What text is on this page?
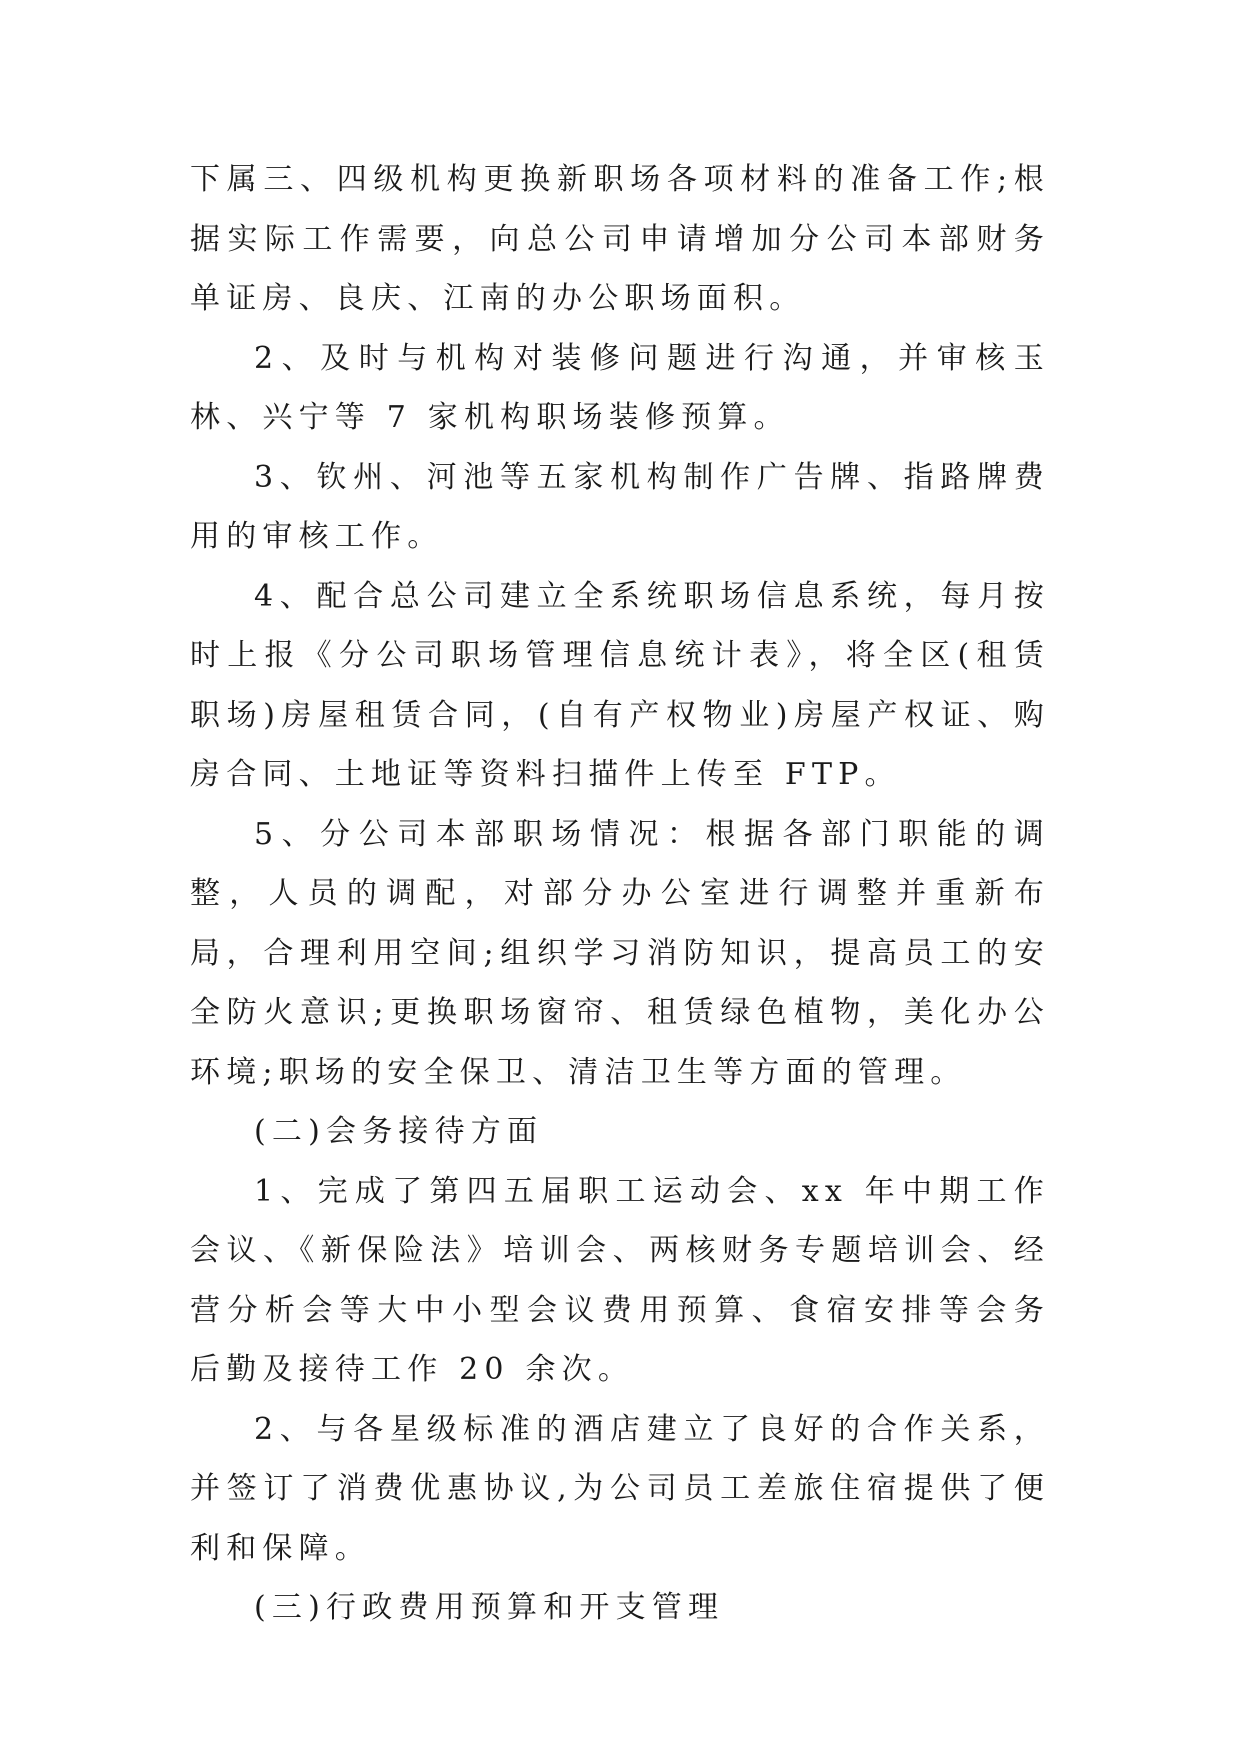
下属三、四级机构更换新职场各项材料的准备工作;根据实际工作需要，向总公司申请增加分公司本部财务单证房、良庆、江南的办公职场面积。

2、及时与机构对装修问题进行沟通，并审核玉林、兴宁等 7 家机构职场装修预算。

3、钦州、河池等五家机构制作广告牌、指路牌费用的审核工作。

4、配合总公司建立全系统职场信息系统，每月按时上报《分公司职场管理信息统计表》，将全区(租赁职场)房屋租赁合同，(自有产权物业)房屋产权证、购房合同、土地证等资料扫描件上传至 FTP。

5、分公司本部职场情况：根据各部门职能的调整，人员的调配，对部分办公室进行调整并重新布局，合理利用空间;组织学习消防知识，提高员工的安全防火意识;更换职场窗帘、租赁绿色植物，美化办公环境;职场的安全保卫、清洁卫生等方面的管理。

(二)会务接待方面

1、完成了第四五届职工运动会、xx 年中期工作会议、《新保险法》培训会、两核财务专题培训会、经营分析会等大中小型会议费用预算、食宿安排等会务后勤及接待工作 20 余次。

2、与各星级标准的酒店建立了良好的合作关系，并签订了消费优惠协议,为公司员工差旅住宿提供了便利和保障。

(三)行政费用预算和开支管理
